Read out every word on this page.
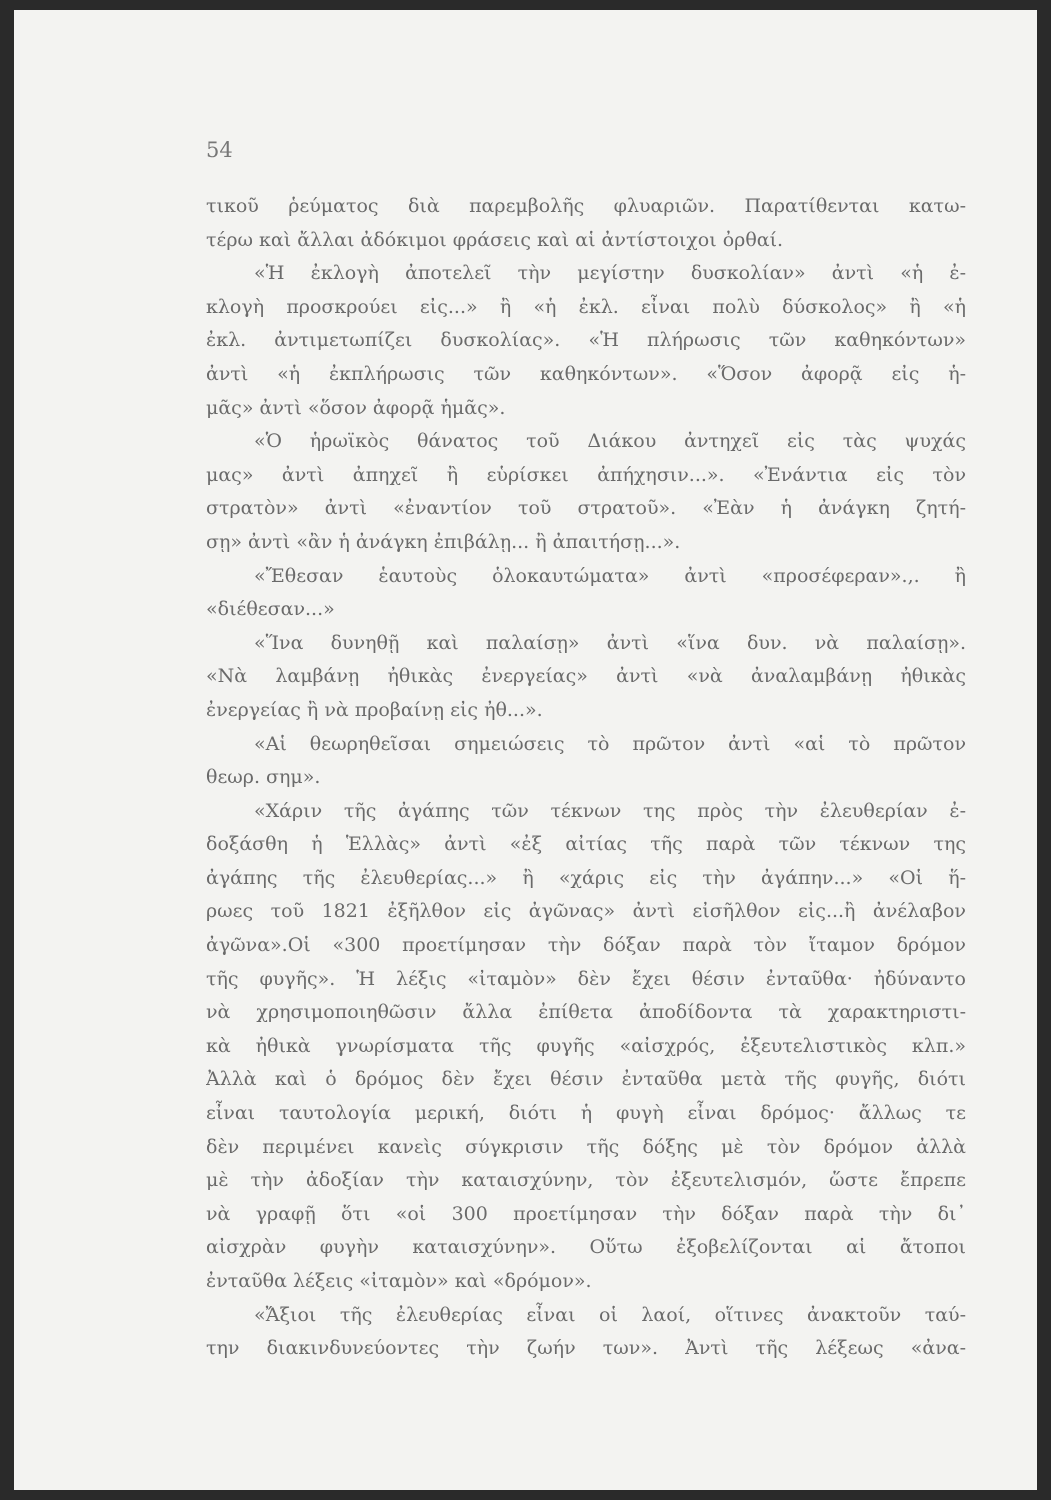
54
τικοῦ ῥεύματος διὰ παρεμβολῆς φλυαριῶν. Παρατίθενται κατω-
τέρω καὶ ἄλλαι ἀδόκιμοι φράσεις καὶ αἱ ἀντίστοιχοι ὀρθαί.
«Ἡ ἐκλογὴ ἀποτελεῖ τὴν μεγίστην δυσκολίαν» ἀντὶ «ἡ ἐ-
κλογὴ προσκρούει εἰς...» ἢ «ἡ ἐκλ. εἶναι πολὺ δύσκολος» ἢ «ἡ
ἐκλ. ἀντιμετωπίζει δυσκολίας». «Ἡ πλήρωσις τῶν καθηκόντων»
ἀντὶ «ἡ ἐκπλήρωσις τῶν καθηκόντων». «Ὅσον ἀφορᾷ εἰς ἡ-
μᾶς» ἀντὶ «ὅσον ἀφορᾷ ἡμᾶς».
«Ὁ ἡρωϊκὸς θάνατος τοῦ Διάκου ἀντηχεῖ εἰς τὰς ψυχάς
μας» ἀντὶ ἀπηχεῖ ἢ εὑρίσκει ἀπήχησιν...». «Ἐνάντια εἰς τὸν
στρατὸν» ἀντὶ «ἐναντίον τοῦ στρατοῦ». «Ἐὰν ἡ ἀνάγκη ζητή-
σῃ» ἀντὶ «ἂν ἡ ἀνάγκη ἐπιβάλῃ... ἢ ἀπαιτήσῃ...».
«Ἔθεσαν ἑαυτοὺς ὁλοκαυτώματα» ἀντὶ «προσέφεραν».,. ἢ
«διέθεσαν...»
«Ἵνα δυνηθῇ καὶ παλαίσῃ» ἀντὶ «ἵνα δυν. νὰ παλαίσῃ».
«Νὰ λαμβάνῃ ἠθικὰς ἐνεργείας» ἀντὶ «νὰ ἀναλαμβάνῃ ἠθικὰς
ἐνεργείας ἢ νὰ προβαίνῃ εἰς ἠθ...».
«Αἱ θεωρηθεῖσαι σημειώσεις τὸ πρῶτον ἀντὶ «αἱ τὸ πρῶτον
θεωρ. σημ».
«Χάριν τῆς ἀγάπης τῶν τέκνων της πρὸς τὴν ἐλευθερίαν ἐ-
δοξάσθη ἡ Ἑλλὰς» ἀντὶ «ἐξ αἰτίας τῆς παρὰ τῶν τέκνων της
ἀγάπης τῆς ἐλευθερίας...» ἢ «χάρις εἰς τὴν ἀγάπην...» «Οἱ ἥ-
ρωες τοῦ 1821 ἐξῆλθον εἰς ἀγῶνας» ἀντὶ εἰσῆλθον εἰς...ἢ ἀνέλαβον
ἀγῶνα».Οἱ «300 προετίμησαν τὴν δόξαν παρὰ τὸν ἴταμον δρόμον
τῆς φυγῆς». Ἡ λέξις «ἰταμὸν» δὲν ἔχει θέσιν ἐνταῦθα· ἠδύναντο
νὰ χρησιμοποιηθῶσιν ἄλλα ἐπίθετα ἀποδίδοντα τὰ χαρακτηριστι-
κὰ ἠθικὰ γνωρίσματα τῆς φυγῆς «αἰσχρός, ἐξευτελιστικὸς κλπ.»
Ἀλλὰ καὶ ὁ δρόμος δὲν ἔχει θέσιν ἐνταῦθα μετὰ τῆς φυγῆς, διότι
εἶναι ταυτολογία μερική, διότι ἡ φυγὴ εἶναι δρόμος· ἄλλως τε
δὲν περιμένει κανεὶς σύγκρισιν τῆς δόξης μὲ τὸν δρόμον ἀλλὰ
μὲ τὴν ἀδοξίαν τὴν καταισχύνην, τὸν ἐξευτελισμόν, ὥστε ἔπρεπε
νὰ γραφῇ ὅτι «οἱ 300 προετίμησαν τὴν δόξαν παρὰ τὴν δι᾿
αἰσχρὰν φυγὴν καταισχύνην». Οὕτω ἐξοβελίζονται αἱ ἄτοποι
ἐνταῦθα λέξεις «ἰταμὸν» καὶ «δρόμον».
«Ἄξιοι τῆς ἐλευθερίας εἶναι οἱ λαοί, οἵτινες ἀνακτοῦν ταύ-
την διακινδυνεύοντες τὴν ζωήν των». Ἀντὶ τῆς λέξεως «ἀνα-
